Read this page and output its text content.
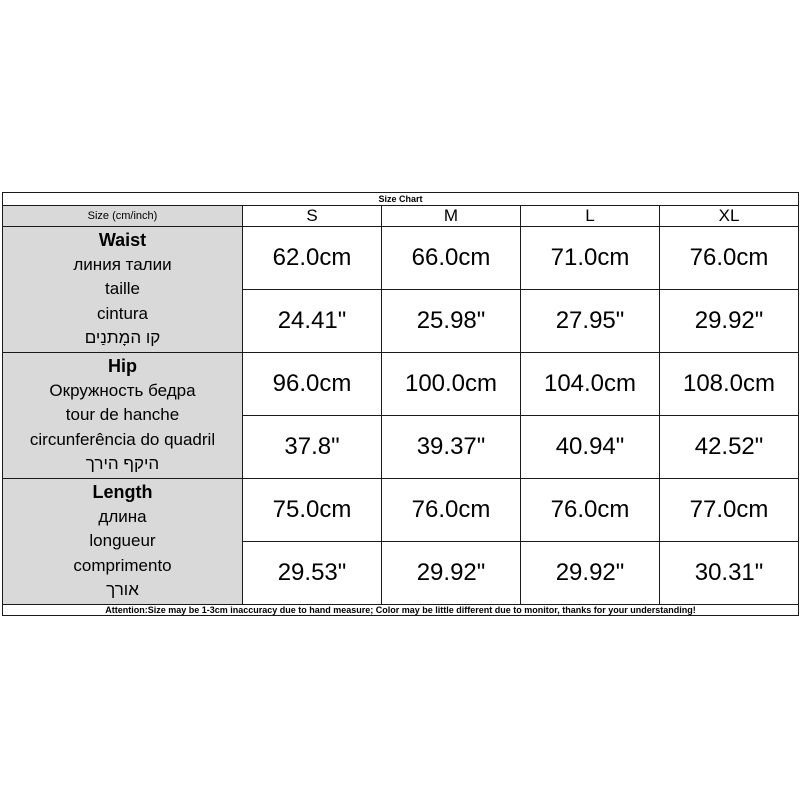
Size Chart				
Size (cm/inch)	S	M	L	XL

Waist
линия талии
taille
cintura
קו המָתנַים	62.0cm	66.0cm	71.0cm	76.0cm
	24.41"	25.98"	27.95"	29.92"

Hip
Окружность бедра
tour de hanche
circunferência do quadril
היקף הירך	96.0cm	100.0cm	104.0cm	108.0cm
	37.8"	39.37"	40.94"	42.52"

Length
длина
longueur
comprimento
אורך	75.0cm	76.0cm	76.0cm	77.0cm
	29.53"	29.92"	29.92"	30.31"
Attention:Size may be 1-3cm inaccuracy due to hand measure; Color may be little different due to monitor, thanks for your understanding!				
